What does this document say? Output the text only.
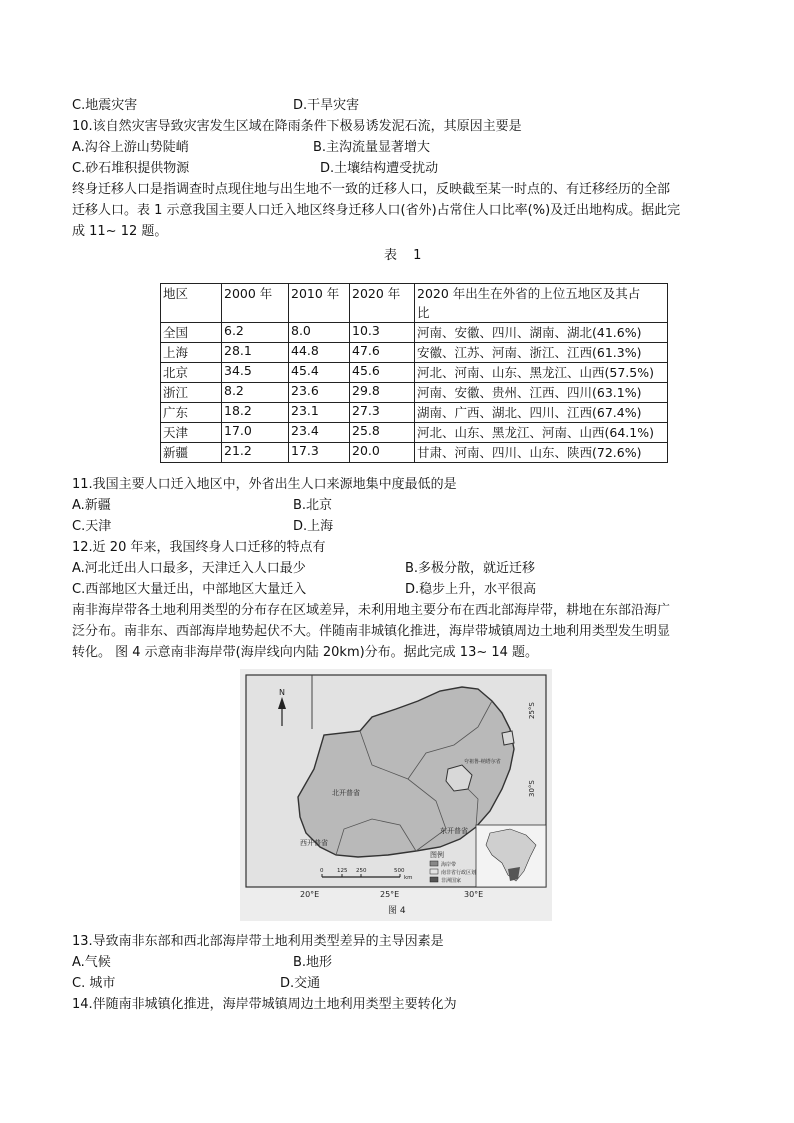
C.地震灾害	D.干旱灾害
10.该自然灾害导致灾害发生区域在降雨条件下极易诱发泥石流，其原因主要是
A.沟谷上游山势陡峭	B.主沟流量显著增大
C.砂石堆积提供物源	D.土壤结构遭受扰动
终身迁移人口是指调查时点现住地与出生地不一致的迁移人口，反映截至某一时点的、有迁移经历的全部
迁移人口。表 1 示意我国主要人口迁入地区终身迁移人口(省外)占常住人口比率(%)及迁出地构成。据此完
成 11~ 12 题。
表 1
地区	2000 年	2010 年	2020 年	2020 年出生在外省的上位五地区及其占
				比
全国	6.2	8.0	10.3	河南、安徽、四川、湖南、湖北(41.6%)
上海	28.1	44.8	47.6	安徽、江苏、河南、浙江、江西(61.3%)
北京	34.5	45.4	45.6	河北、河南、山东、黑龙江、山西(57.5%)
浙江	8.2	23.6	29.8	河南、安徽、贵州、江西、四川(63.1%)
广东	18.2	23.1	27.3	湖南、广西、湖北、四川、江西(67.4%)
天津	17.0	23.4	25.8	河北、山东、黑龙江、河南、山西(64.1%)
新疆	21.2	17.3	20.0	甘肃、河南、四川、山东、陕西(72.6%)
11.我国主要人口迁入地区中，外省出生人口来源地集中度最低的是
A.新疆	B.北京
C.天津	D.上海
12.近 20 年来，我国终身人口迁移的特点有
A.河北迁出人口最多，天津迁入人口最少	B.多极分散，就近迁移
C.西部地区大量迁出，中部地区大量迁入	D.稳步上升，水平很高
南非海岸带各土地利用类型的分布存在区域差异，未利用地主要分布在西北部海岸带，耕地在东部沿海广
泛分布。南非东、西部海岸地势起伏不大。伴随南非城镇化推进，海岸带城镇周边土地利用类型发生明显
转化。 图 4 示意南非海岸带(海岸线向内陆 20km)分布。据此完成 13~ 14 题。
N
北开普省
西开普省
东开普省
夸祖鲁-纳塔尔省
25°S
30°S
20°E	25°E	30°E
0 125 250	500
km
图例
海岸带
南非省行政区划
非洲国家
图 4
13.导致南非东部和西北部海岸带土地利用类型差异的主导因素是
A.气候	B.地形
C. 城市	D.交通
14.伴随南非城镇化推进，海岸带城镇周边土地利用类型主要转化为
